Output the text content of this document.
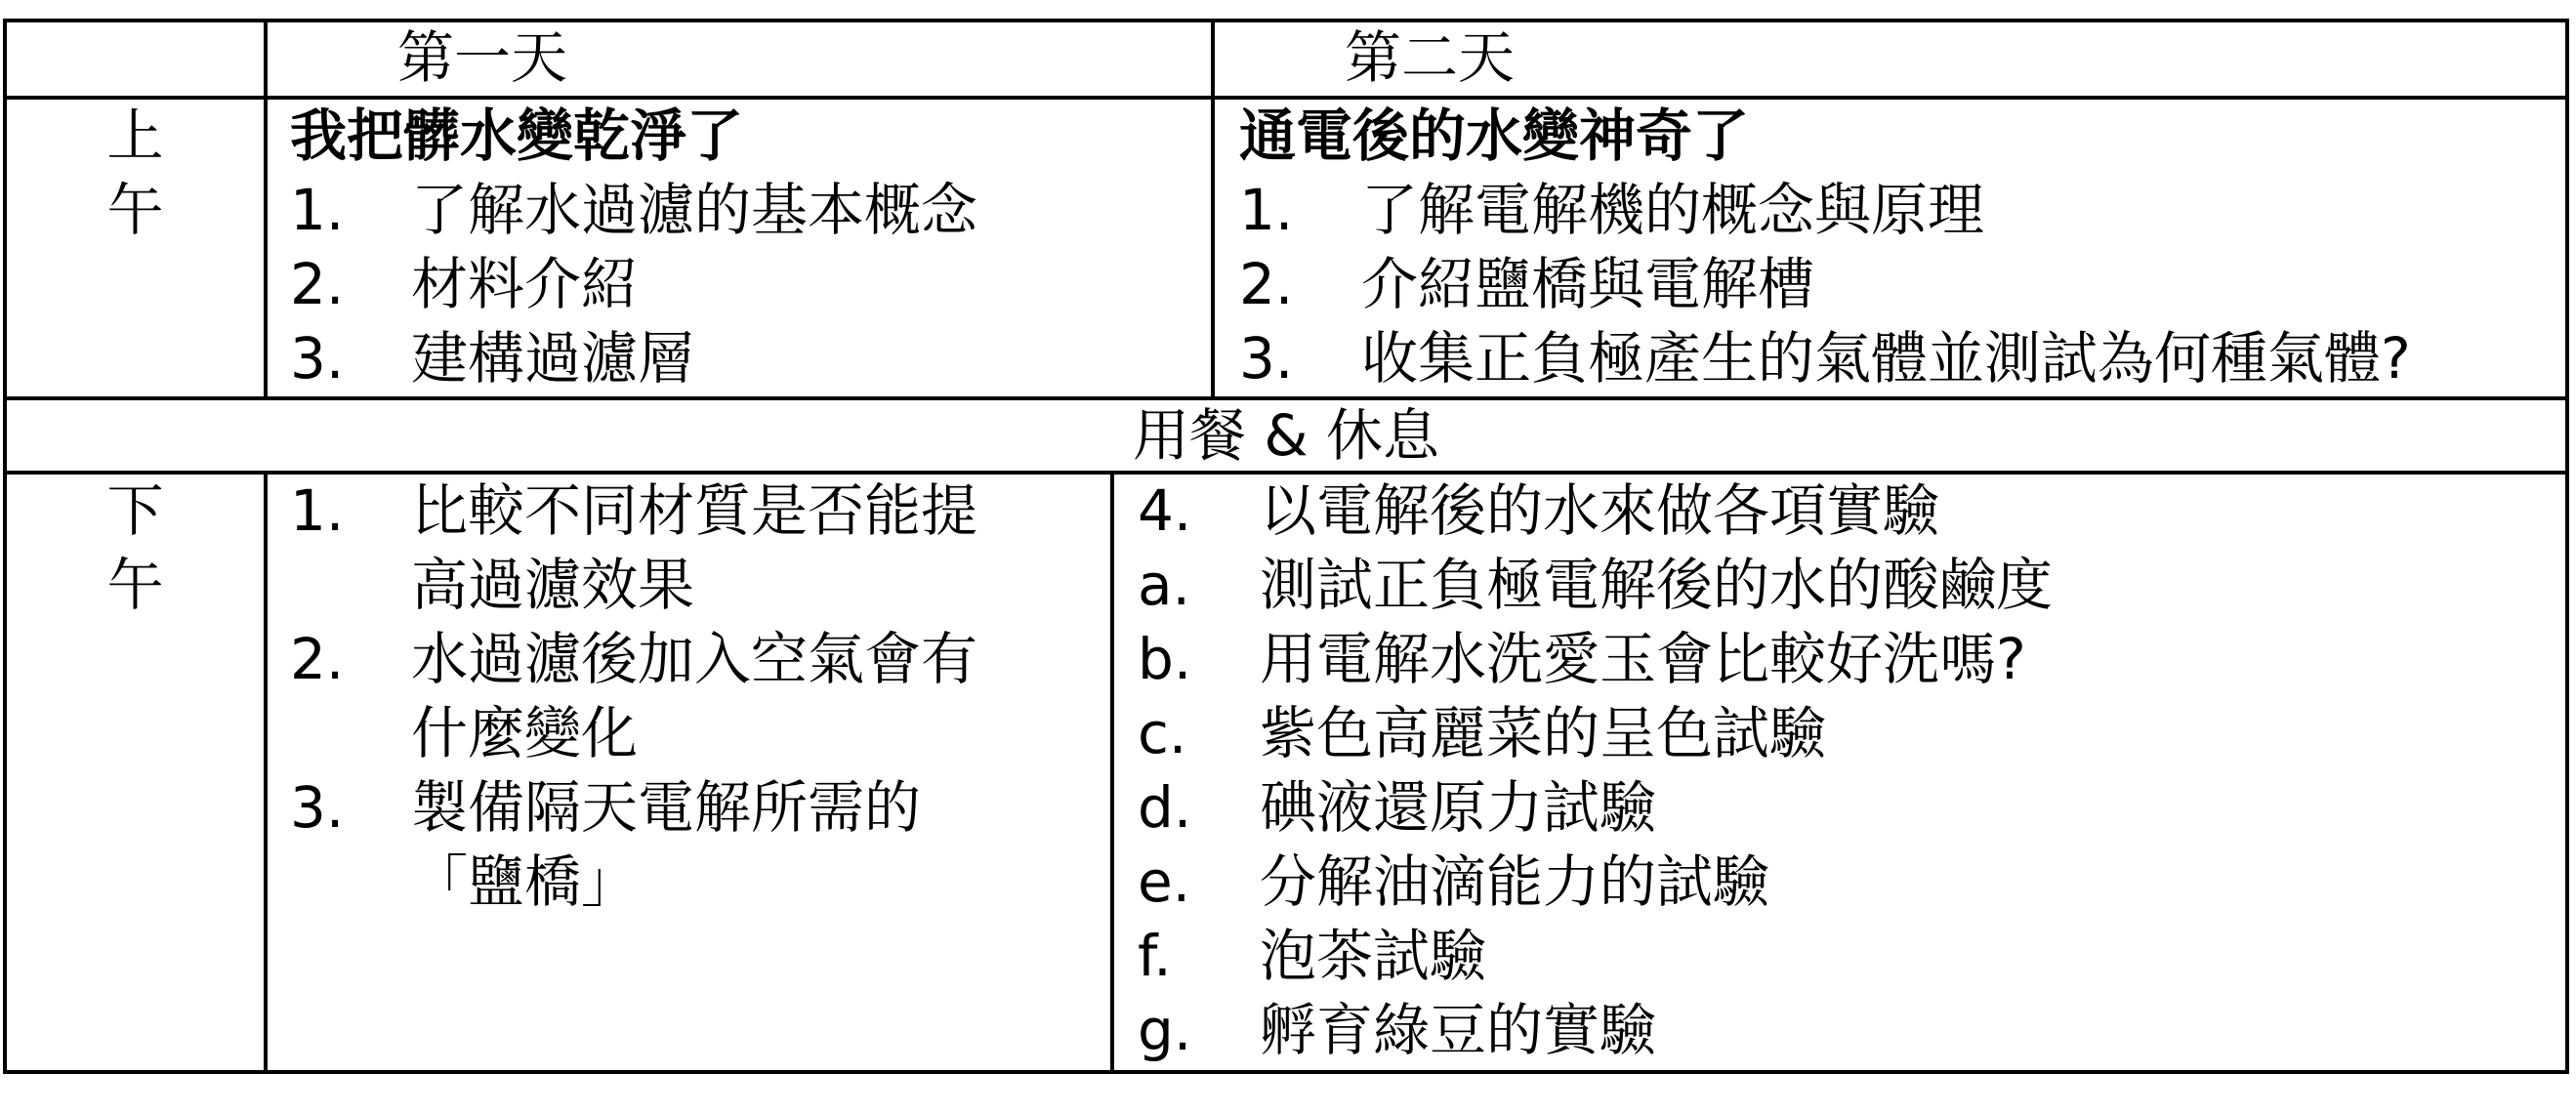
第一天	第二天
上
午
我把髒水變乾淨了
1. 了解水過濾的基本概念
2. 材料介紹
3. 建構過濾層
通電後的水變神奇了
1. 了解電解機的概念與原理
2. 介紹鹽橋與電解槽
3. 收集正負極產生的氣體並測試為何種氣體?
用餐 & 休息
下
午
1. 比較不同材質是否能提
高過濾效果
2. 水過濾後加入空氣會有
什麼變化
3. 製備隔天電解所需的
「鹽橋」
4. 以電解後的水來做各項實驗
a. 測試正負極電解後的水的酸鹼度
b. 用電解水洗愛玉會比較好洗嗎?
c. 紫色高麗菜的呈色試驗
d. 碘液還原力試驗
e. 分解油滴能力的試驗
f. 泡茶試驗
g. 孵育綠豆的實驗
